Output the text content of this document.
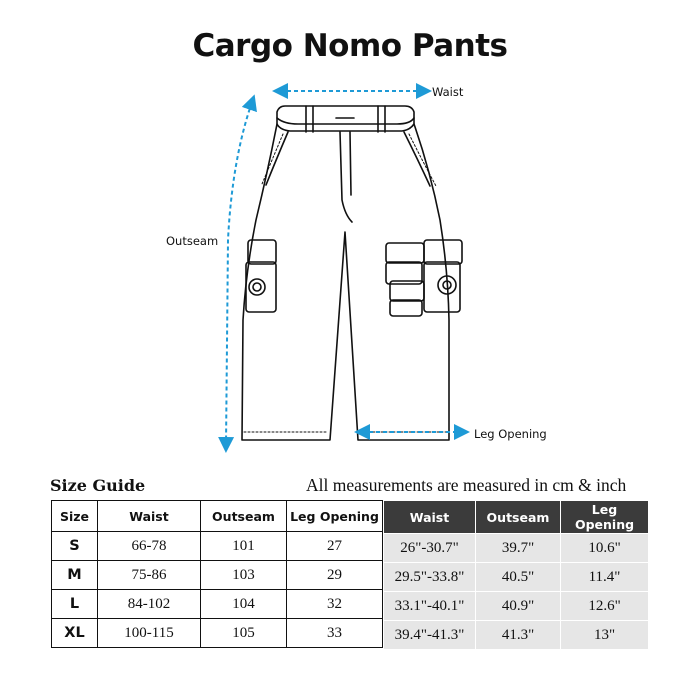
Cargo Nomo Pants
Waist
Outseam
Leg Opening
Size Guide	All measurements are measured in cm & inch
Size	Waist	Outseam	Leg Opening
S	66-78	101	27
M	75-86	103	29
L	84-102	104	32
XL	100-115	105	33
Waist	Outseam	Leg Opening
26"-30.7"	39.7"	10.6"
29.5"-33.8"	40.5"	11.4"
33.1"-40.1"	40.9"	12.6"
39.4"-41.3"	41.3"	13"
